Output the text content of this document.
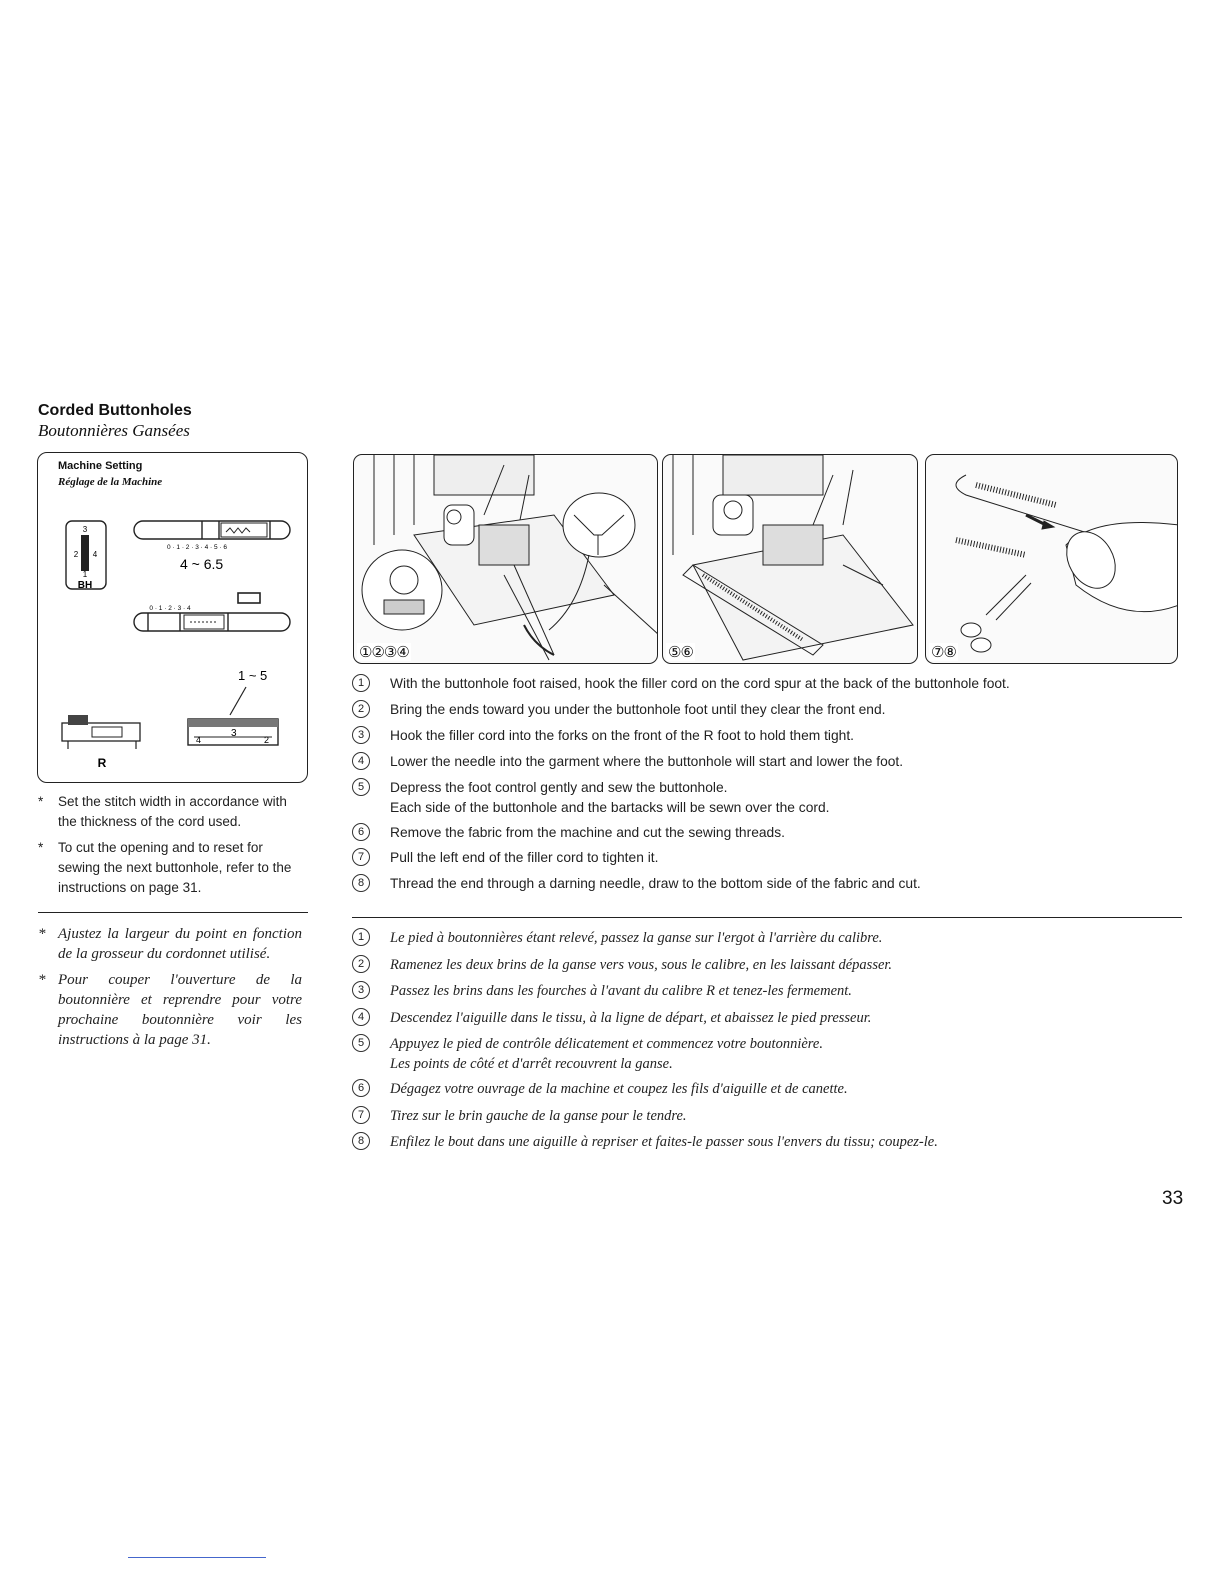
Corded Buttonholes
Boutonnières Gansées
Machine Setting
Réglage de la Machine
3
2 4
1
BH
0 · 1 · 2 · 3 · 4 · 5 · 6
4 ~ 6.5
0 · 1 · 2 · 3 · 4
1 ~ 5
4
3
2
R
* Set the stitch width in accordance with the thickness of the cord used.
* To cut the opening and to reset for sewing the next buttonhole, refer to the instructions on page 31.
* Ajustez la largeur du point en fonction de la grosseur du cordonnet utilisé.
* Pour couper l'ouverture de la boutonnière et reprendre pour votre prochaine boutonnière voir les instructions à la page 31.
①②③④	⑤⑥	⑦⑧
1	With the buttonhole foot raised, hook the filler cord on the cord spur at the back of the buttonhole foot.
2	Bring the ends toward you under the buttonhole foot until they clear the front end.
3	Hook the filler cord into the forks on the front of the R foot to hold them tight.
4	Lower the needle into the garment where the buttonhole will start and lower the foot.
5	Depress the foot control gently and sew the buttonhole.
Each side of the buttonhole and the bartacks will be sewn over the cord.
6	Remove the fabric from the machine and cut the sewing threads.
7	Pull the left end of the filler cord to tighten it.
8	Thread the end through a darning needle, draw to the bottom side of the fabric and cut.
1	Le pied à boutonnières étant relevé, passez la ganse sur l'ergot à l'arrière du calibre.
2	Ramenez les deux brins de la ganse vers vous, sous le calibre, en les laissant dépasser.
3	Passez les brins dans les fourches à l'avant du calibre R et tenez-les fermement.
4	Descendez l'aiguille dans le tissu, à la ligne de départ, et abaissez le pied presseur.
5	Appuyez le pied de contrôle délicatement et commencez votre boutonnière.
Les points de côté et d'arrêt recouvrent la ganse.
6	Dégagez votre ouvrage de la machine et coupez les fils d'aiguille et de canette.
7	Tirez sur le brin gauche de la ganse pour le tendre.
8	Enfilez le bout dans une aiguille à repriser et faites-le passer sous l'envers du tissu; coupez-le.
33
